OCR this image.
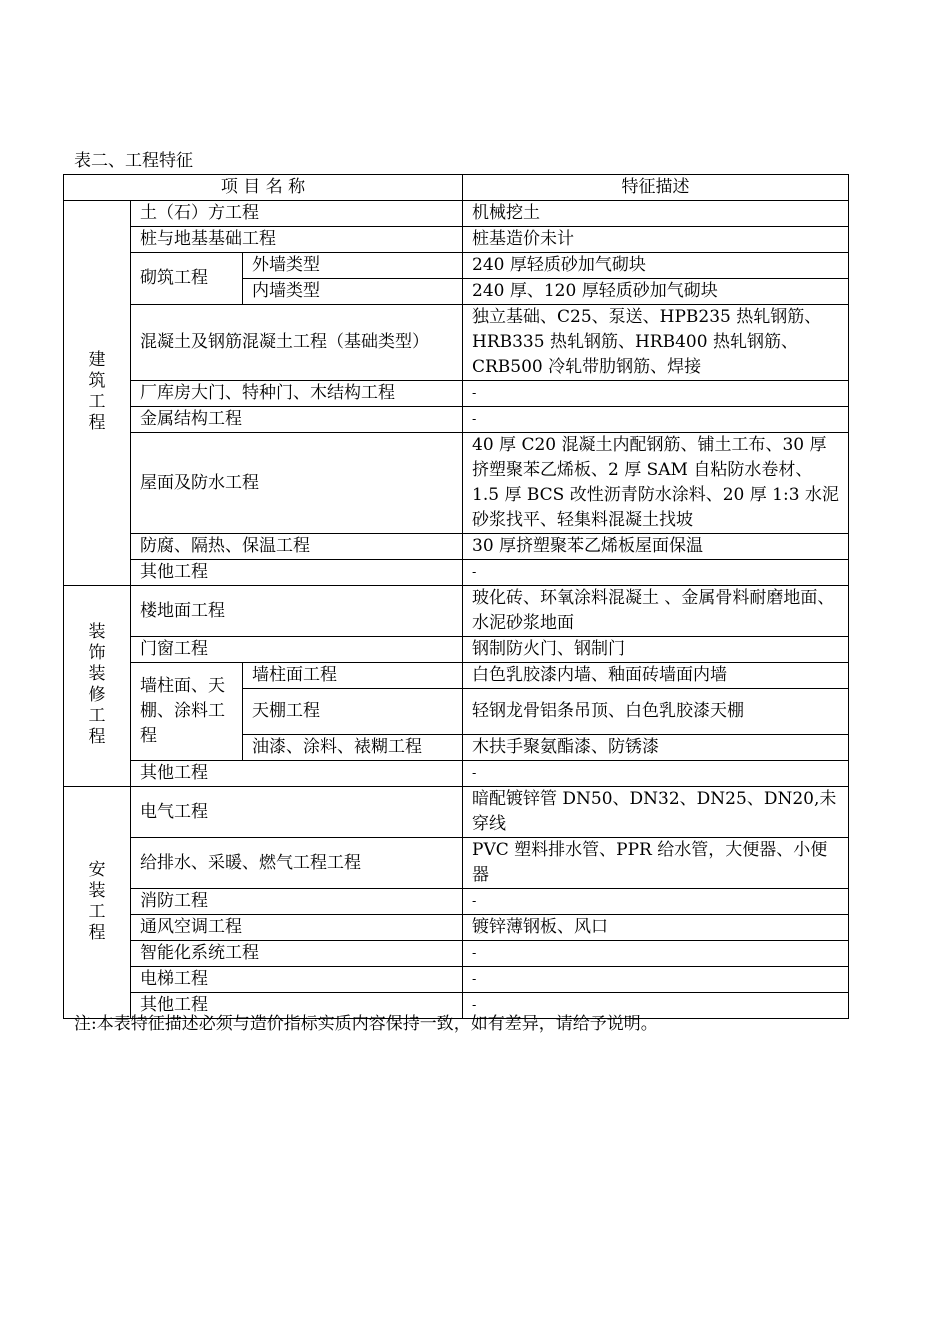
表二、工程特征
项 目 名 称			特征描述
建筑工程	土（石）方工程		机械挖土
	桩与地基基础工程		桩基造价未计
	砌筑工程	外墙类型	240 厚轻质砂加气砌块
		内墙类型	240 厚、120 厚轻质砂加气砌块
	混凝土及钢筋混凝土工程（基础类型）		独立基础、C25、泵送、HPB235 热轧钢筋、HRB335 热轧钢筋、HRB400 热轧钢筋、CRB500 冷轧带肋钢筋、焊接
	厂库房大门、特种门、木结构工程		-
	金属结构工程		-
	屋面及防水工程		40 厚 C20 混凝土内配钢筋、铺土工布、30 厚挤塑聚苯乙烯板、2 厚 SAM 自粘防水卷材、1.5 厚 BCS 改性沥青防水涂料、20 厚 1:3 水泥砂浆找平、轻集料混凝土找坡
	防腐、隔热、保温工程		30 厚挤塑聚苯乙烯板屋面保温
	其他工程		-
装饰装修工程	楼地面工程		玻化砖、环氧涂料混凝土 、金属骨料耐磨地面、水泥砂浆地面
	门窗工程		钢制防火门、钢制门
	墙柱面、天棚、涂料工程	墙柱面工程	白色乳胶漆内墙、釉面砖墙面内墙
		天棚工程	轻钢龙骨铝条吊顶、白色乳胶漆天棚
		油漆、涂料、裱糊工程	木扶手聚氨酯漆、防锈漆
	其他工程		-
安装工程	电气工程		暗配镀锌管 DN50、DN32、DN25、DN20,未穿线
	给排水、采暖、燃气工程工程		PVC 塑料排水管、PPR 给水管，大便器、小便器
	消防工程		-
	通风空调工程		镀锌薄钢板、风口
	智能化系统工程		-
	电梯工程		-
	其他工程		-
注:本表特征描述必须与造价指标实质内容保持一致，如有差异，请给予说明。
